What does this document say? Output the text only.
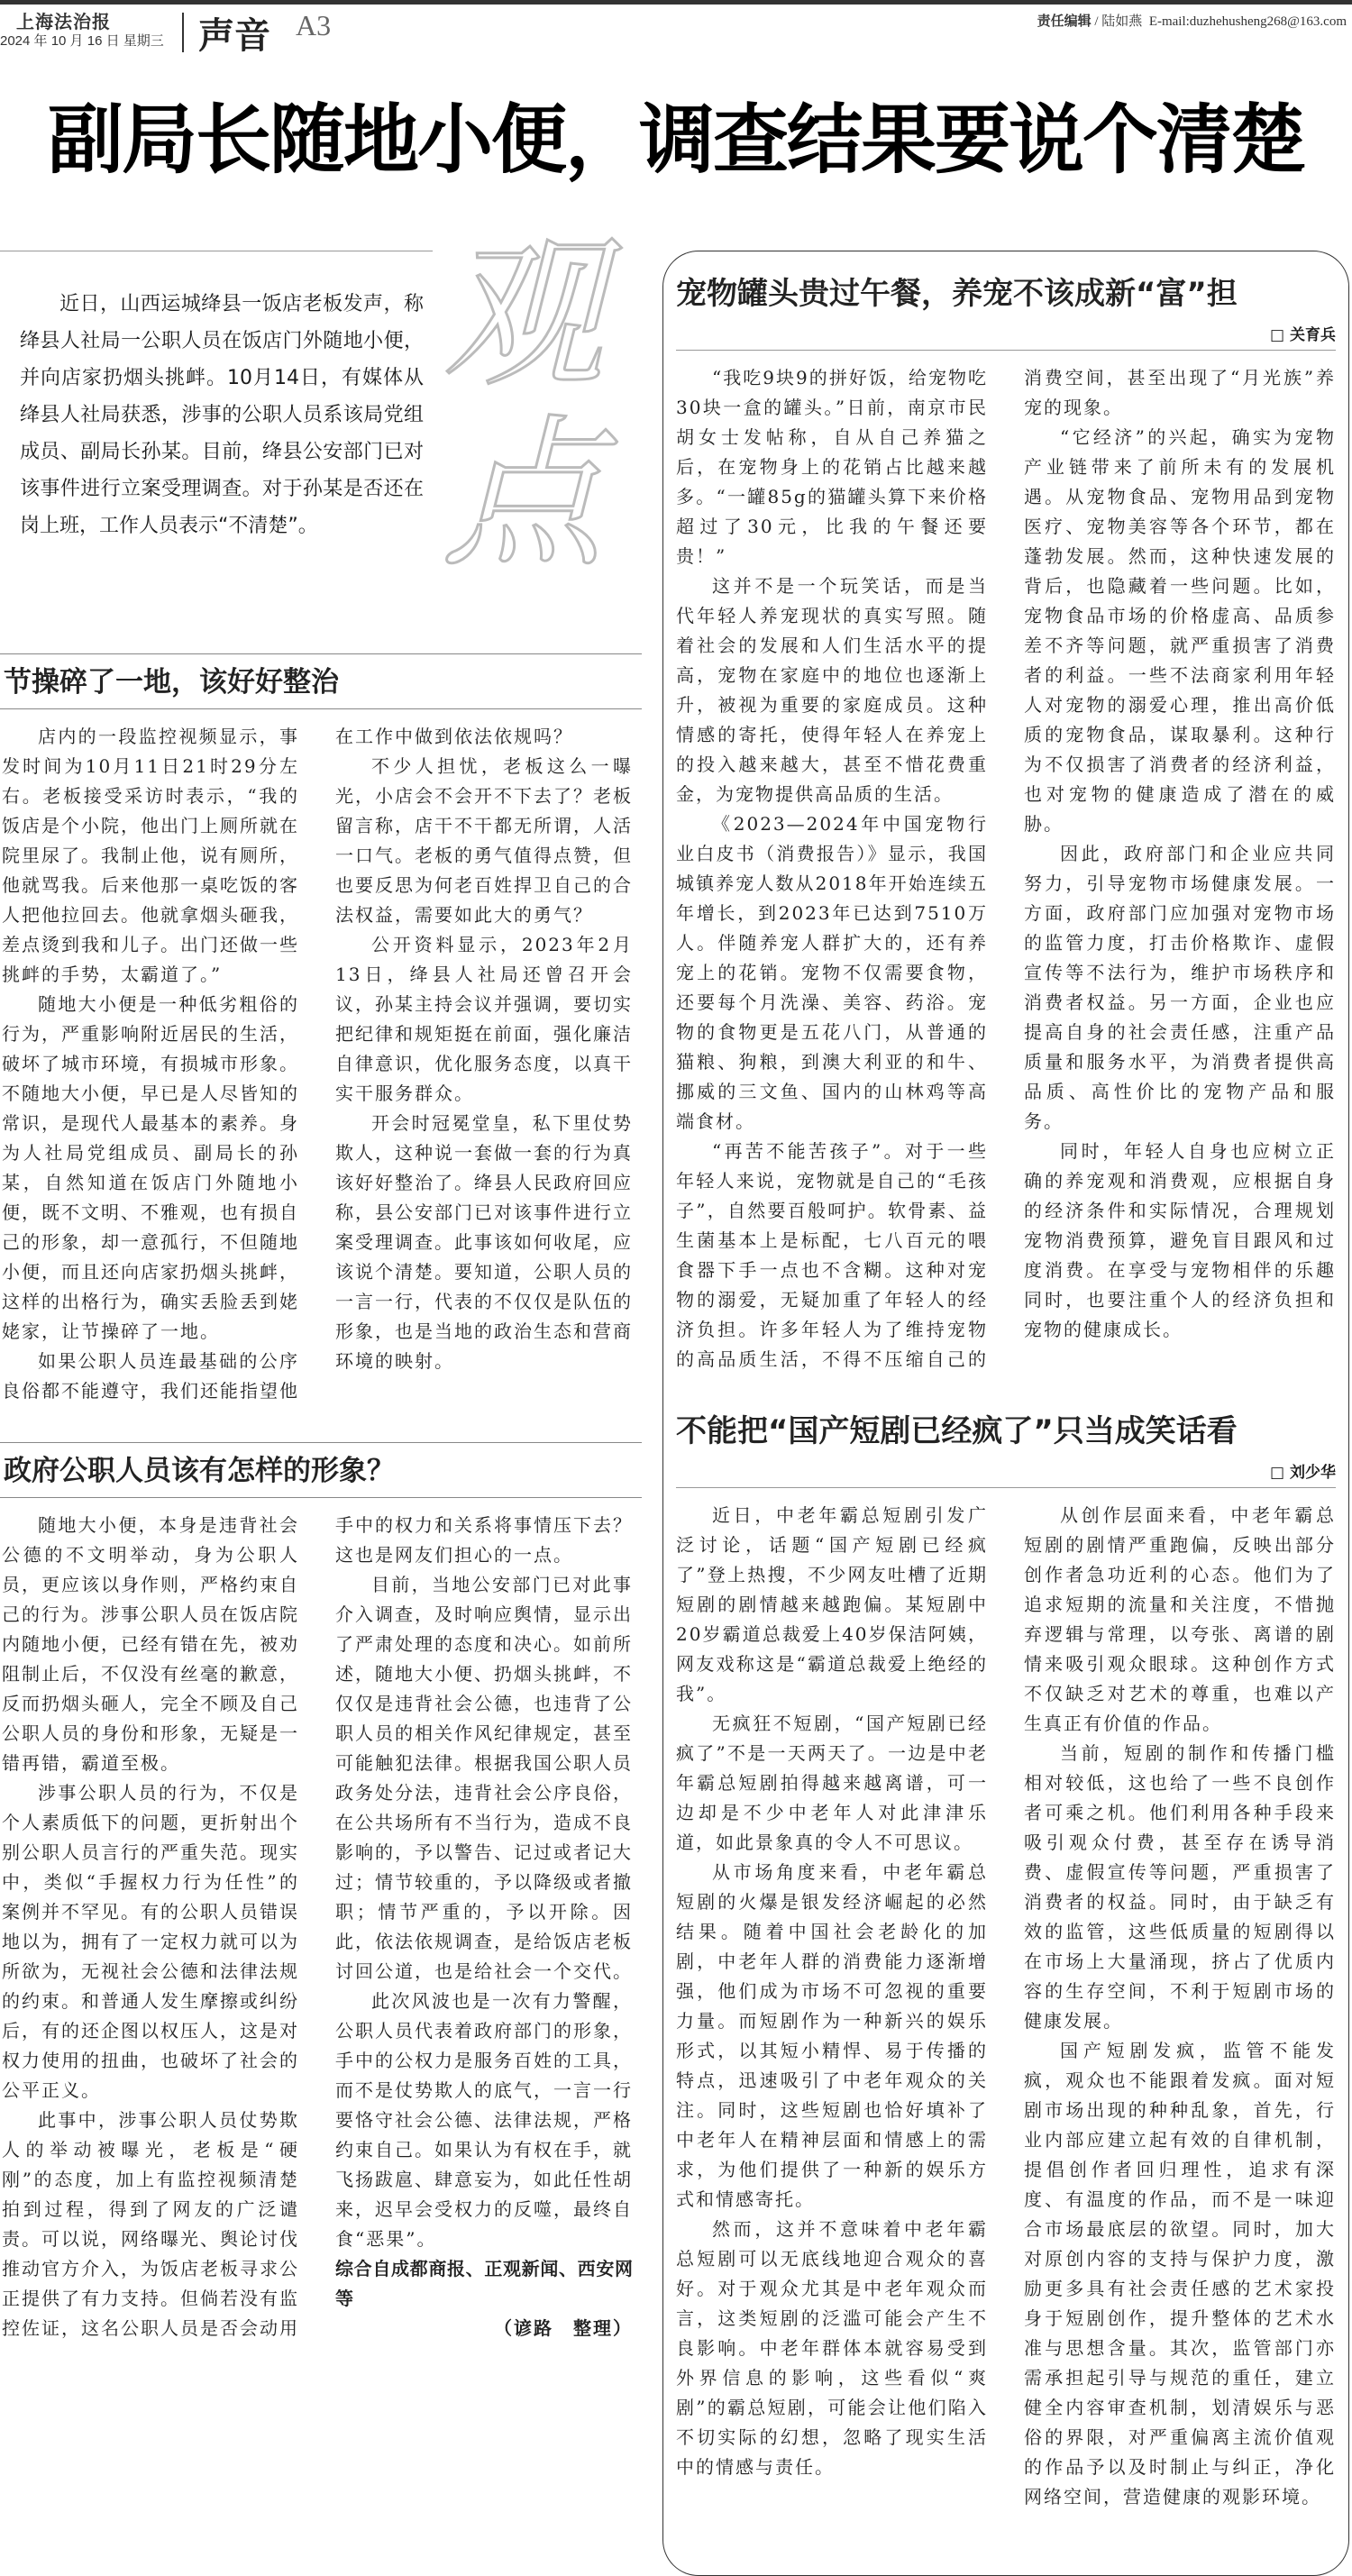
上海法治报
2024 年 10 月 16 日 星期三 声音 A3	责任编辑 / 陆如燕 E-mail:duzhehusheng268@163.com
副局长随地小便，调查结果要说个清楚
近日，山西运城绛县一饭店老板发声，称绛县人社局一公职人员在饭店门外随地小便，并向店家扔烟头挑衅。10月14日，有媒体从绛县人社局获悉，涉事的公职人员系该局党组成员、副局长孙某。目前，绛县公安部门已对该事件进行立案受理调查。对于孙某是否还在岗上班，工作人员表示“不清楚”。
观点
节操碎了一地，该好好整治

店内的一段监控视频显示，事发时间为10月11日21时29分左右。老板接受采访时表示，“我的饭店是个小院，他出门上厕所就在院里尿了。我制止他，说有厕所，他就骂我。后来他那一桌吃饭的客人把他拉回去。他就拿烟头砸我，差点烫到我和儿子。出门还做一些挑衅的手势，太霸道了。”

随地大小便是一种低劣粗俗的行为，严重影响附近居民的生活，破坏了城市环境，有损城市形象。不随地大小便，早已是人尽皆知的常识，是现代人最基本的素养。身为人社局党组成员、副局长的孙某，自然知道在饭店门外随地小便，既不文明、不雅观，也有损自己的形象，却一意孤行，不但随地小便，而且还向店家扔烟头挑衅，这样的出格行为，确实丢脸丢到姥姥家，让节操碎了一地。

如果公职人员连最基础的公序良俗都不能遵守，我们还能指望他在工作中做到依法依规吗？

不少人担忧，老板这么一曝光，小店会不会开不下去了？老板留言称，店干不干都无所谓，人活一口气。老板的勇气值得点赞，但也要反思为何老百姓捍卫自己的合法权益，需要如此大的勇气？

公开资料显示，2023年2月13日，绛县人社局还曾召开会议，孙某主持会议并强调，要切实把纪律和规矩挺在前面，强化廉洁自律意识，优化服务态度，以真干实干服务群众。

开会时冠冕堂皇，私下里仗势欺人，这种说一套做一套的行为真该好好整治了。绛县人民政府回应称，县公安部门已对该事件进行立案受理调查。此事该如何收尾，应该说个清楚。要知道，公职人员的一言一行，代表的不仅仅是队伍的形象，也是当地的政治生态和营商环境的映射。

政府公职人员该有怎样的形象？

随地大小便，本身是违背社会公德的不文明举动，身为公职人员，更应该以身作则，严格约束自己的行为。涉事公职人员在饭店院内随地小便，已经有错在先，被劝阻制止后，不仅没有丝毫的歉意，反而扔烟头砸人，完全不顾及自己公职人员的身份和形象，无疑是一错再错，霸道至极。

涉事公职人员的行为，不仅是个人素质低下的问题，更折射出个别公职人员言行的严重失范。现实中，类似“手握权力行为任性”的案例并不罕见。有的公职人员错误地以为，拥有了一定权力就可以为所欲为，无视社会公德和法律法规的约束。和普通人发生摩擦或纠纷后，有的还企图以权压人，这是对权力使用的扭曲，也破坏了社会的公平正义。

此事中，涉事公职人员仗势欺人的举动被曝光，老板是“硬刚”的态度，加上有监控视频清楚拍到过程，得到了网友的广泛谴责。可以说，网络曝光、舆论讨伐推动官方介入，为饭店老板寻求公正提供了有力支持。但倘若没有监控佐证，这名公职人员是否会动用手中的权力和关系将事情压下去？这也是网友们担心的一点。

目前，当地公安部门已对此事介入调查，及时响应舆情，显示出了严肃处理的态度和决心。如前所述，随地大小便、扔烟头挑衅，不仅仅是违背社会公德，也违背了公职人员的相关作风纪律规定，甚至可能触犯法律。根据我国公职人员政务处分法，违背社会公序良俗，在公共场所有不当行为，造成不良影响的，予以警告、记过或者记大过；情节较重的，予以降级或者撤职；情节严重的，予以开除。因此，依法依规调查，是给饭店老板讨回公道，也是给社会一个交代。

此次风波也是一次有力警醒，公职人员代表着政府部门的形象，手中的公权力是服务百姓的工具，而不是仗势欺人的底气，一言一行要恪守社会公德、法律法规，严格约束自己。如果认为有权在手，就飞扬跋扈、肆意妄为，如此任性胡来，迟早会受权力的反噬，最终自食“恶果”。

综合自成都商报、正观新闻、西安网等

（谚路　整理）

宠物罐头贵过午餐，养宠不该成新“富”担
□ 关育兵

“我吃9块9的拼好饭，给宠物吃30块一盒的罐头。”日前，南京市民胡女士发帖称，自从自己养猫之后，在宠物身上的花销占比越来越多。“一罐85g的猫罐头算下来价格超过了30元，比我的午餐还要贵！”

这并不是一个玩笑话，而是当代年轻人养宠现状的真实写照。随着社会的发展和人们生活水平的提高，宠物在家庭中的地位也逐渐上升，被视为重要的家庭成员。这种情感的寄托，使得年轻人在养宠上的投入越来越大，甚至不惜花费重金，为宠物提供高品质的生活。

《2023—2024年中国宠物行业白皮书（消费报告）》显示，我国城镇养宠人数从2018年开始连续五年增长，到2023年已达到7510万人。伴随养宠人群扩大的，还有养宠上的花销。宠物不仅需要食物，还要每个月洗澡、美容、药浴。宠物的食物更是五花八门，从普通的猫粮、狗粮，到澳大利亚的和牛、挪威的三文鱼、国内的山林鸡等高端食材。

“再苦不能苦孩子”。对于一些年轻人来说，宠物就是自己的“毛孩子”，自然要百般呵护。软骨素、益生菌基本上是标配，七八百元的喂食器下手一点也不含糊。这种对宠物的溺爱，无疑加重了年轻人的经济负担。许多年轻人为了维持宠物的高品质生活，不得不压缩自己的消费空间，甚至出现了“月光族”养宠的现象。

“它经济”的兴起，确实为宠物产业链带来了前所未有的发展机遇。从宠物食品、宠物用品到宠物医疗、宠物美容等各个环节，都在蓬勃发展。然而，这种快速发展的背后，也隐藏着一些问题。比如，宠物食品市场的价格虚高、品质参差不齐等问题，就严重损害了消费者的利益。一些不法商家利用年轻人对宠物的溺爱心理，推出高价低质的宠物食品，谋取暴利。这种行为不仅损害了消费者的经济利益，也对宠物的健康造成了潜在的威胁。

因此，政府部门和企业应共同努力，引导宠物市场健康发展。一方面，政府部门应加强对宠物市场的监管力度，打击价格欺诈、虚假宣传等不法行为，维护市场秩序和消费者权益。另一方面，企业也应提高自身的社会责任感，注重产品质量和服务水平，为消费者提供高品质、高性价比的宠物产品和服务。

同时，年轻人自身也应树立正确的养宠观和消费观，应根据自身的经济条件和实际情况，合理规划宠物消费预算，避免盲目跟风和过度消费。在享受与宠物相伴的乐趣同时，也要注重个人的经济负担和宠物的健康成长。

不能把“国产短剧已经疯了”只当成笑话看
□ 刘少华

近日，中老年霸总短剧引发广泛讨论，话题“国产短剧已经疯了”登上热搜，不少网友吐槽了近期短剧的剧情越来越跑偏。某短剧中20岁霸道总裁爱上40岁保洁阿姨，网友戏称这是“霸道总裁爱上绝经的我”。

无疯狂不短剧，“国产短剧已经疯了”不是一天两天了。一边是中老年霸总短剧拍得越来越离谱，可一边却是不少中老年人对此津津乐道，如此景象真的令人不可思议。

从市场角度来看，中老年霸总短剧的火爆是银发经济崛起的必然结果。随着中国社会老龄化的加剧，中老年人群的消费能力逐渐增强，他们成为市场不可忽视的重要力量。而短剧作为一种新兴的娱乐形式，以其短小精悍、易于传播的特点，迅速吸引了中老年观众的关注。同时，这些短剧也恰好填补了中老年人在精神层面和情感上的需求，为他们提供了一种新的娱乐方式和情感寄托。

然而，这并不意味着中老年霸总短剧可以无底线地迎合观众的喜好。对于观众尤其是中老年观众而言，这类短剧的泛滥可能会产生不良影响。中老年群体本就容易受到外界信息的影响，这些看似“爽剧”的霸总短剧，可能会让他们陷入不切实际的幻想，忽略了现实生活中的情感与责任。

从创作层面来看，中老年霸总短剧的剧情严重跑偏，反映出部分创作者急功近利的心态。他们为了追求短期的流量和关注度，不惜抛弃逻辑与常理，以夸张、离谱的剧情来吸引观众眼球。这种创作方式不仅缺乏对艺术的尊重，也难以产生真正有价值的作品。

当前，短剧的制作和传播门槛相对较低，这也给了一些不良创作者可乘之机。他们利用各种手段来吸引观众付费，甚至存在诱导消费、虚假宣传等问题，严重损害了消费者的权益。同时，由于缺乏有效的监管，这些低质量的短剧得以在市场上大量涌现，挤占了优质内容的生存空间，不利于短剧市场的健康发展。

国产短剧发疯，监管不能发疯，观众也不能跟着发疯。面对短剧市场出现的种种乱象，首先，行业内部应建立起有效的自律机制，提倡创作者回归理性，追求有深度、有温度的作品，而不是一味迎合市场最底层的欲望。同时，加大对原创内容的支持与保护力度，激励更多具有社会责任感的艺术家投身于短剧创作，提升整体的艺术水准与思想含量。其次，监管部门亦需承担起引导与规范的重任，建立健全内容审查机制，划清娱乐与恶俗的界限，对严重偏离主流价值观的作品予以及时制止与纠正，净化网络空间，营造健康的观影环境。
